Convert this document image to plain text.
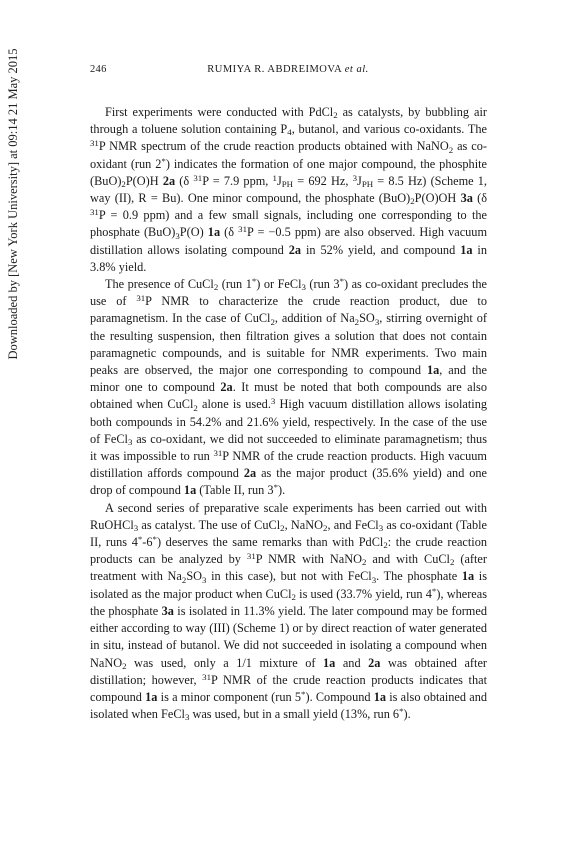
246	RUMIYA R. ABDREIMOVA et al.
Downloaded by [New York University] at 09:14 21 May 2015	First experiments were conducted with PdCl$_2$ as catalysts, by bubbling air through a toluene solution containing $P_4$, butanol, and various co-oxidants. The $^{31}$P NMR spectrum of the crude reaction products obtained with NaNO$_2$ as co-oxidant (run 2*) indicates the formation of one major compound, the phosphite $(BuO)_2P(O)H$ 2a (δ $^{31}$P = 7.9 ppm, $^1J_{PH} = 692$ Hz, $^3J_{PH} = 8.5$ Hz) (Scheme 1, way (II), R = Bu). One minor compound, the phosphate $(BuO)_2P(O)OH$ 3a (δ $^{31}$P = 0.9 ppm) and a few small signals, including one corresponding to the phosphate $(BuO)_3P(O)$ 1a (δ $^{31}$P = −0.5 ppm) are also observed. High vacuum distillation allows isolating compound 2a in 52% yield, and compound 1a in 3.8% yield.

The presence of CuCl$_2$ (run 1*) or FeCl$_3$ (run 3*) as co-oxidant precludes the use of $^{31}$P NMR to characterize the crude reaction product, due to paramagnetism. In the case of CuCl$_2$, addition of $Na_2SO_3$, stirring overnight of the resulting suspension, then filtration gives a solution that does not contain paramagnetic compounds, and is suitable for NMR experiments. Two main peaks are observed, the major one corresponding to compound 1a, and the minor one to compound 2a. It must be noted that both compounds are also obtained when CuCl$_2$ alone is used.$^3$ High vacuum distillation allows isolating both compounds in 54.2% and 21.6% yield, respectively. In the case of the use of FeCl$_3$ as co-oxidant, we did not succeeded to eliminate paramagnetism; thus it was impossible to run $^{31}$P NMR of the crude reaction products. High vacuum distillation affords compound 2a as the major product (35.6% yield) and one drop of compound 1a (Table II, run 3*).

A second series of preparative scale experiments has been carried out with RuOHCl$_3$ as catalyst. The use of CuCl$_2$, NaNO$_2$, and FeCl$_3$ as co-oxidant (Table II, runs 4*-6*) deserves the same remarks than with PdCl$_2$: the crude reaction products can be analyzed by $^{31}$P NMR with NaNO$_2$ and with CuCl$_2$ (after treatment with $Na_2SO_3$ in this case), but not with FeCl$_3$. The phosphate 1a is isolated as the major product when CuCl$_2$ is used (33.7% yield, run 4*), whereas the phosphate 3a is isolated in 11.3% yield. The later compound may be formed either according to way (III) (Scheme 1) or by direct reaction of water generated in situ, instead of butanol. We did not succeeded in isolating a compound when NaNO$_2$ was used, only a 1/1 mixture of 1a and 2a was obtained after distillation; however, $^{31}$P NMR of the crude reaction products indicates that compound 1a is a minor component (run 5*). Compound 1a is also obtained and isolated when FeCl$_3$ was used, but in a small yield (13%, run 6*).
